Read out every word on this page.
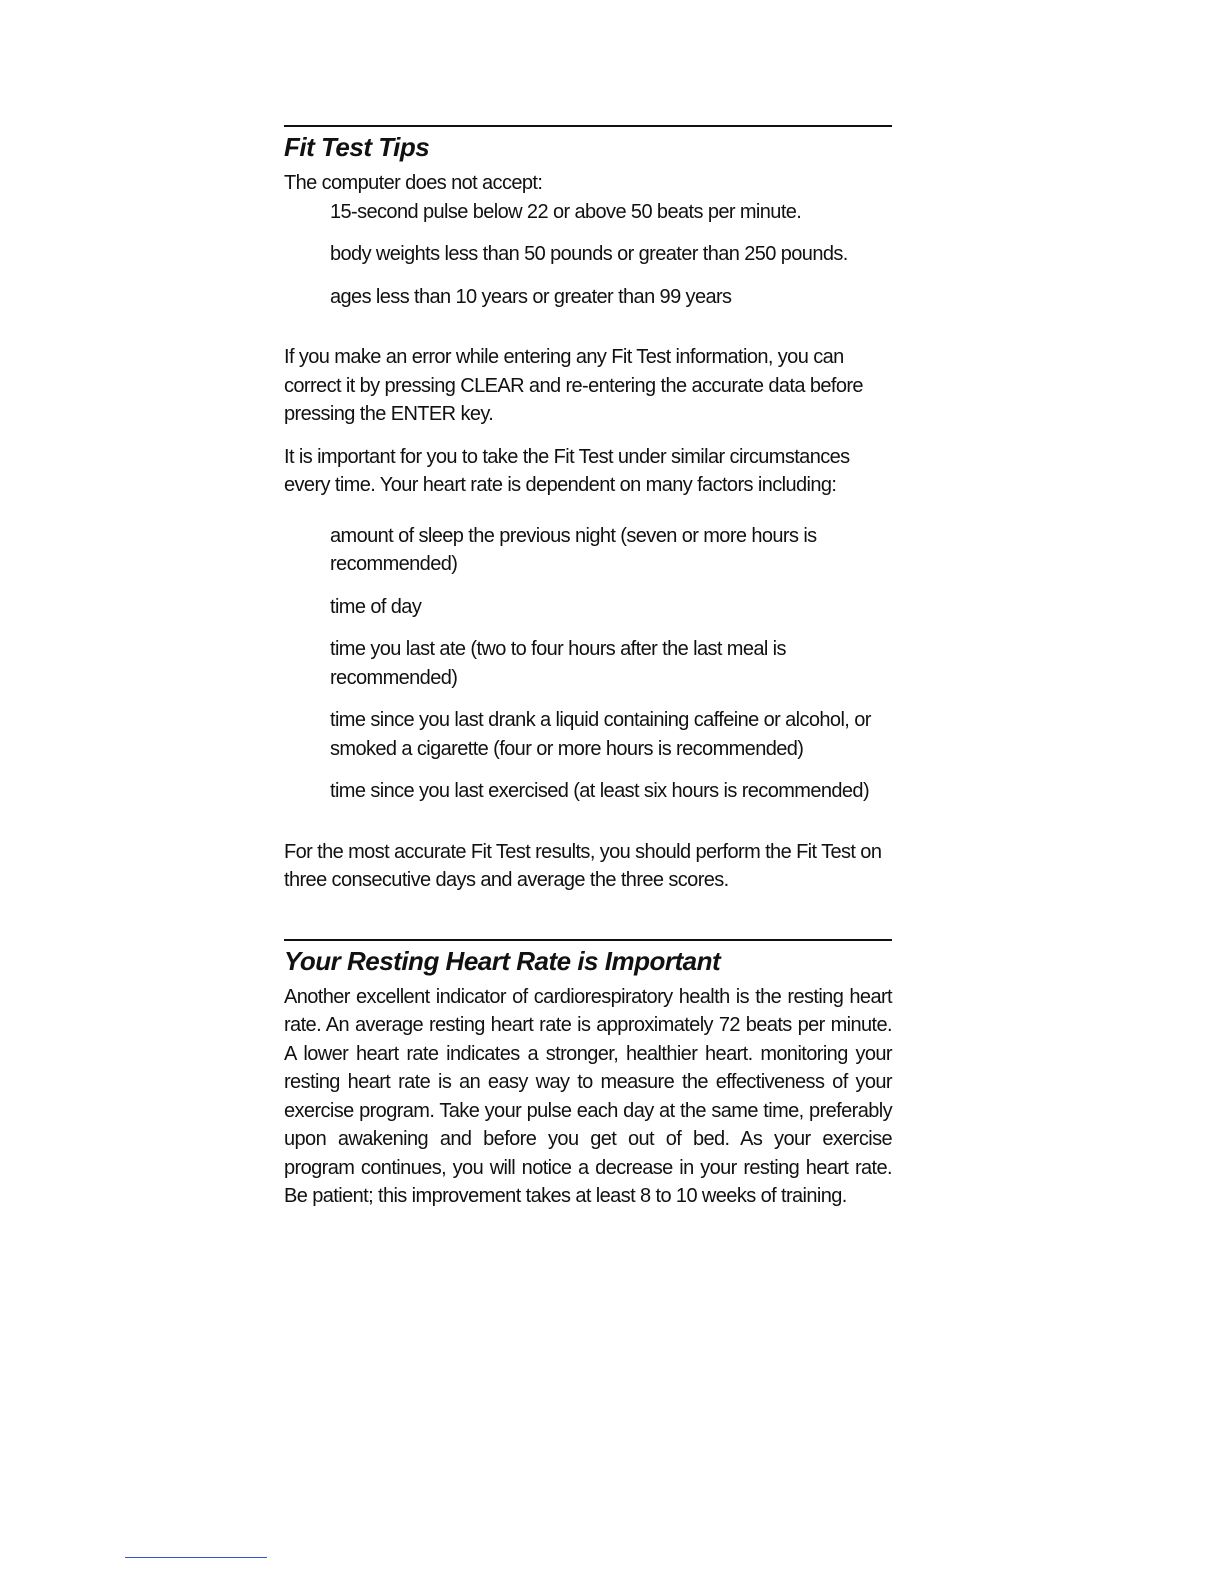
Fit Test Tips

The computer does not accept:

15-second pulse below 22 or above 50 beats per minute.
body weights less than 50 pounds or greater than 250 pounds.
ages less than 10 years or greater than 99 years

If you make an error while entering any Fit Test information, you can correct it by pressing CLEAR and re-entering the accurate data before pressing the ENTER key.

It is important for you to take the Fit Test under similar circumstances every time. Your heart rate is dependent on many factors including:

amount of sleep the previous night (seven or more hours is recommended)
time of day
time you last ate (two to four hours after the last meal is recommended)
time since you last drank a liquid containing caffeine or alcohol, or smoked a cigarette (four or more hours is recommended)
time since you last exercised (at least six hours is recommended)

For the most accurate Fit Test results, you should perform the Fit Test on three consecutive days and average the three scores.

Your Resting Heart Rate is Important

Another excellent indicator of cardiorespiratory health is the resting heart rate. An average resting heart rate is approximately 72 beats per minute. A lower heart rate indicates a stronger, healthier heart. monitoring your resting heart rate is an easy way to measure the effectiveness of your exercise program. Take your pulse each day at the same time, preferably upon awakening and before you get out of bed. As your exercise program continues, you will notice a decrease in your resting heart rate. Be patient; this improvement takes at least 8 to 10 weeks of training.
